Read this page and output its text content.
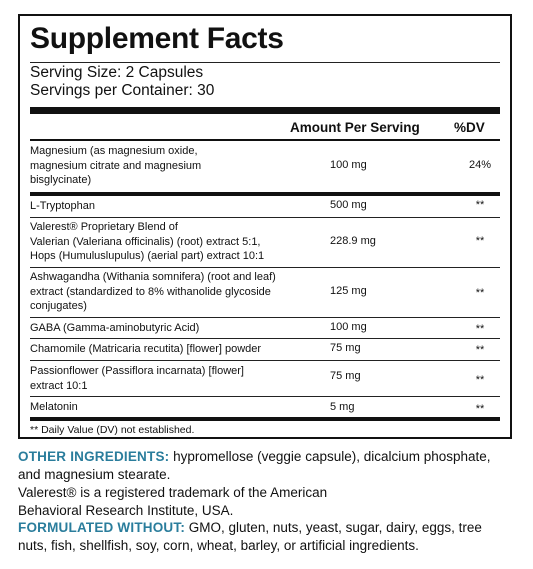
Supplement Facts
Serving Size: 2 Capsules
Servings per Container: 30
Amount Per Serving	%DV
Magnesium (as magnesium oxide,
magnesium citrate and magnesium
bisglycinate)
100 mg	24%
L-Tryptophan	500 mg	**
Valerest® Proprietary Blend of
Valerian (Valeriana officinalis) (root) extract 5:1,
Hops (Humuluslupulus) (aerial part) extract 10:1
228.9 mg	**
Ashwagandha (Withania somnifera) (root and leaf)
extract (standardized to 8% withanolide glycoside
conjugates)
125 mg	**
GABA (Gamma-aminobutyric Acid)	100 mg	**
Chamomile (Matricaria recutita) [flower] powder	75 mg	**
Passionflower (Passiflora incarnata) [flower]
extract 10:1
75 mg	**
Melatonin	5 mg	**
** Daily Value (DV) not established.
OTHER INGREDIENTS: hypromellose (veggie capsule), dicalcium phosphate,
and magnesium stearate.
Valerest® is a registered trademark of the American
Behavioral Research Institute, USA.
FORMULATED WITHOUT: GMO, gluten, nuts, yeast, sugar, dairy, eggs, tree
nuts, fish, shellfish, soy, corn, wheat, barley, or artificial ingredients.
